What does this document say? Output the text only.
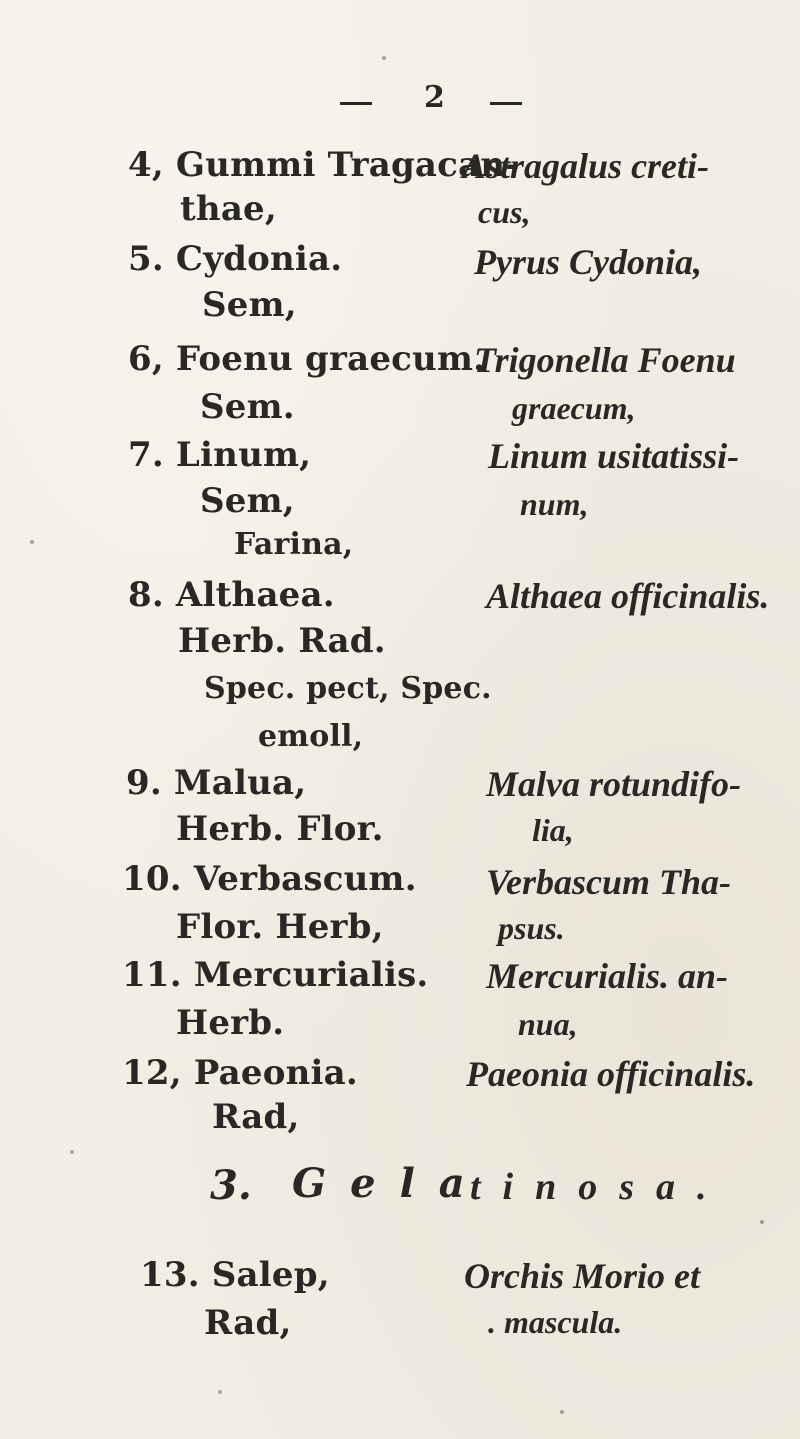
2
4, Gummi Tragacan-
thae,
Astragalus creti-
cus,
5. Cydonia.
Sem,
Pyrus Cydonia,
6, Foenu graecum.
Sem.
Trigonella Foenu
graecum,
7. Linum,
Sem,
Farina,
Linum usitatissi-
num,
8. Althaea.
Herb. Rad.
Spec. pect, Spec.
emoll,
Althaea officinalis.
9. Malua,
Herb. Flor.
Malva rotundifo-
lia,
10. Verbascum.
Flor. Herb,
Verbascum Tha-
psus.
11. Mercurialis.
Herb.
Mercurialis. an-
nua,
12, Paeonia.
Rad,
Paeonia officinalis.
3. Gela
tinosa.
13. Salep,
Rad,
Orchis Morio et
. mascula.
